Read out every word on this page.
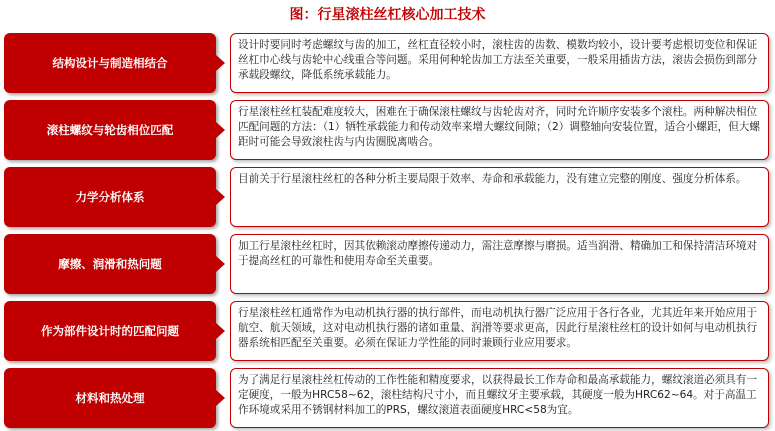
图：行星滚柱丝杠核心加工技术
结构设计与制造相结合
设计时要同时考虑螺纹与齿的加工，丝杠直径较小时，滚柱齿的齿数、模数均较小，设计要考虑根切变位和保证丝杠巾心线与齿轮中心线重合等问题。采用何种轮齿加工方法至关重要，一般采用插齿方法，滚齿会损伤到部分承载段螺纹，降低系统承载能力。
滚柱螺纹与轮齿相位匹配
行星滚柱丝杠装配难度较大，困难在于确保滚柱螺纹与齿轮齿对齐，同时允许顺序安装多个滚柱。两种解决相位匹配问题的方法：（1）牺牲承载能力和传动效率来增大螺纹间隙；（2）调整轴向安装位置，适合小螺距，但大螺距时可能会导致滚柱齿与内齿圈脱离啮合。
力学分析体系
目前关于行星滚柱丝杠的各种分析主要局限于效率、寿命和承载能力，没有建立完整的刚度、强度分析体系。
摩擦、润滑和热问题
加工行星滚柱丝杠时，因其依赖滚动摩擦传递动力，需注意摩擦与磨损。适当润滑、精确加工和保持清洁环境对于提高丝杠的可靠性和使用寿命至关重要。
作为部件设计时的匹配问题
行星滚柱丝杠通常作为电动机执行器的执行部件，而电动机执行器广泛应用于各行各业，尤其近年来开始应用于航空、航天领域，这对电动机执行器的诸如重量、润滑等要求更高，因此行星滚柱丝杠的设计如何与电动机执行器系统相匹配至关重要。必须在保证力学性能的同时兼顾行业应用要求。
材料和热处理
为了满足行星滚柱丝杠传动的工作性能和精度要求，以获得最长工作寿命和最高承载能力，螺纹滚道必须具有一定硬度，一般为HRC58~62，滚柱结构尺寸小，而且螺纹牙主要承载，其硬度一般为HRC62~64。对于高温工作环境或采用不锈钢材料加工的PRS，螺纹滚道表面硬度HRC<58为宜。
